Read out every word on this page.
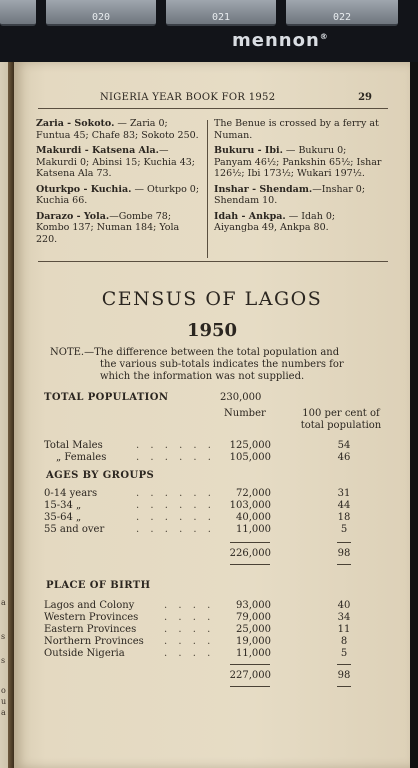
020	021	022
mennon®
a
s
s
o
u
a
NIGERIA YEAR BOOK FOR 1952	29

Zaria - Sokoto. — Zaria 0; Funtua 45; Chafe 83; Sokoto 250.

Makurdi - Katsena Ala.— Makurdi 0; Abinsi 15; Kuchia 43; Katsena Ala 73.

Oturkpo - Kuchia. — Oturkpo 0; Kuchia 66.

Darazo - Yola.—Gombe 78; Kombo 137; Numan 184; Yola 220.

The Benue is crossed by a ferry at Numan.

Bukuru - Ibi. — Bukuru 0; Panyam 46½; Pankshin 65½; Ishar 126½; Ibi 173½; Wukari 197½.

Inshar - Shendam.—Inshar 0; Shendam 10.

Idah - Ankpa. — Idah 0; Aiyangba 49, Ankpa 80.

CENSUS OF LAGOS
1950
NOTE.—The difference between the total population and
the various sub-totals indicates the numbers for
which the information was not supplied.
TOTAL POPULATION	230,000
Number	100 per cent of
total population
Total Males	. . . . . . 125,000	54
„ Females	. . . . . . 105,000	46
AGES BY GROUPS
0-14 years	. . . . . .	72,000	31
15-34 „	. . . . . . 103,000	44
35-64 „	. . . . . .	40,000	18
55 and over	. . . . . .	11,000	5
226,000	98
PLACE OF BIRTH
Lagos and Colony	. . . .	93,000	40
Western Provinces	. . . .	79,000	34
Eastern Provinces	. . . .	25,000	11
Northern Provinces . . . .	19,000	8
Outside Nigeria	. . . .	11,000	5
227,000	98
